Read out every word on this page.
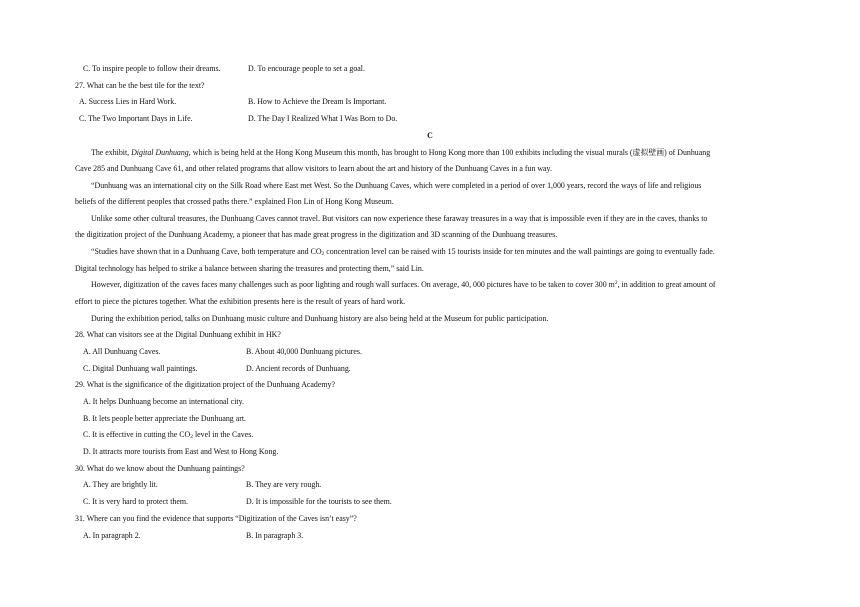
C. To inspire people to follow their dreams.	D. To encourage people to set a goal.
27. What can be the best tile for the text?
A. Success Lies in Hard Work.	B. How to Achieve the Dream Is Important.
C. The Two Important Days in Life.	D. The Day I Realized What I Was Born to Do.
C
The exhibit, Digital Dunhuang, which is being held at the Hong Kong Museum this month, has brought to Hong Kong more than 100 exhibits including the visual murals (虚拟壁画) of Dunhuang
Cave 285 and Dunhuang Cave 61, and other related programs that allow visitors to learn about the art and history of the Dunhuang Caves in a fun way.
“Dunhuang was an international city on the Silk Road where East met West. So the Dunhuang Caves, which were completed in a period of over 1,000 years, record the ways of life and religious
beliefs of the different peoples that crossed paths there.” explained Fion Lin of Hong Kong Museum.
Unlike some other cultural treasures, the Dunhuang Caves cannot travel. But visitors can now experience these faraway treasures in a way that is impossible even if they are in the caves, thanks to
the digitization project of the Dunhuang Academy, a pioneer that has made great progress in the digitization and 3D scanning of the Dunhuang treasures.
“Studies have shown that in a Dunhuang Cave, both temperature and $CO_2$ concentration level can be raised with 15 tourists inside for ten minutes and the wall paintings are going to eventually fade.
Digital technology has helped to strike a balance between sharing the treasures and protecting them,” said Lin.
However, digitization of the caves faces many challenges such as poor lighting and rough wall surfaces. On average, 40, 000 pictures have to be taken to cover 300 $m^2$, in addition to great amount of
effort to piece the pictures together. What the exhibition presents here is the result of years of hard work.
During the exhibition period, talks on Dunhuang music culture and Dunhuang history are also being held at the Museum for public participation.
28. What can visitors see at the Digital Dunhuang exhibit in HK?
A. All Dunhuang Caves.	B. About 40,000 Dunhuang pictures.
C. Digital Dunhuang wall paintings.	D. Ancient records of Dunhuang.
29. What is the significance of the digitization project of the Dunhuang Academy?
A. It helps Dunhuang become an international city.
B. It lets people better appreciate the Dunhuang art.
C. It is effective in cutting the $CO_2$ level in the Caves.
D. It attracts more tourists from East and West to Hong Kong.
30. What do we know about the Dunhuang paintings?
A. They are brightly lit.	B. They are very rough.
C. It is very hard to protect them.	D. It is impossible for the tourists to see them.
31. Where can you find the evidence that supports “Digitization of the Caves isn’t easy”?
A. In paragraph 2.	B. In paragraph 3.
